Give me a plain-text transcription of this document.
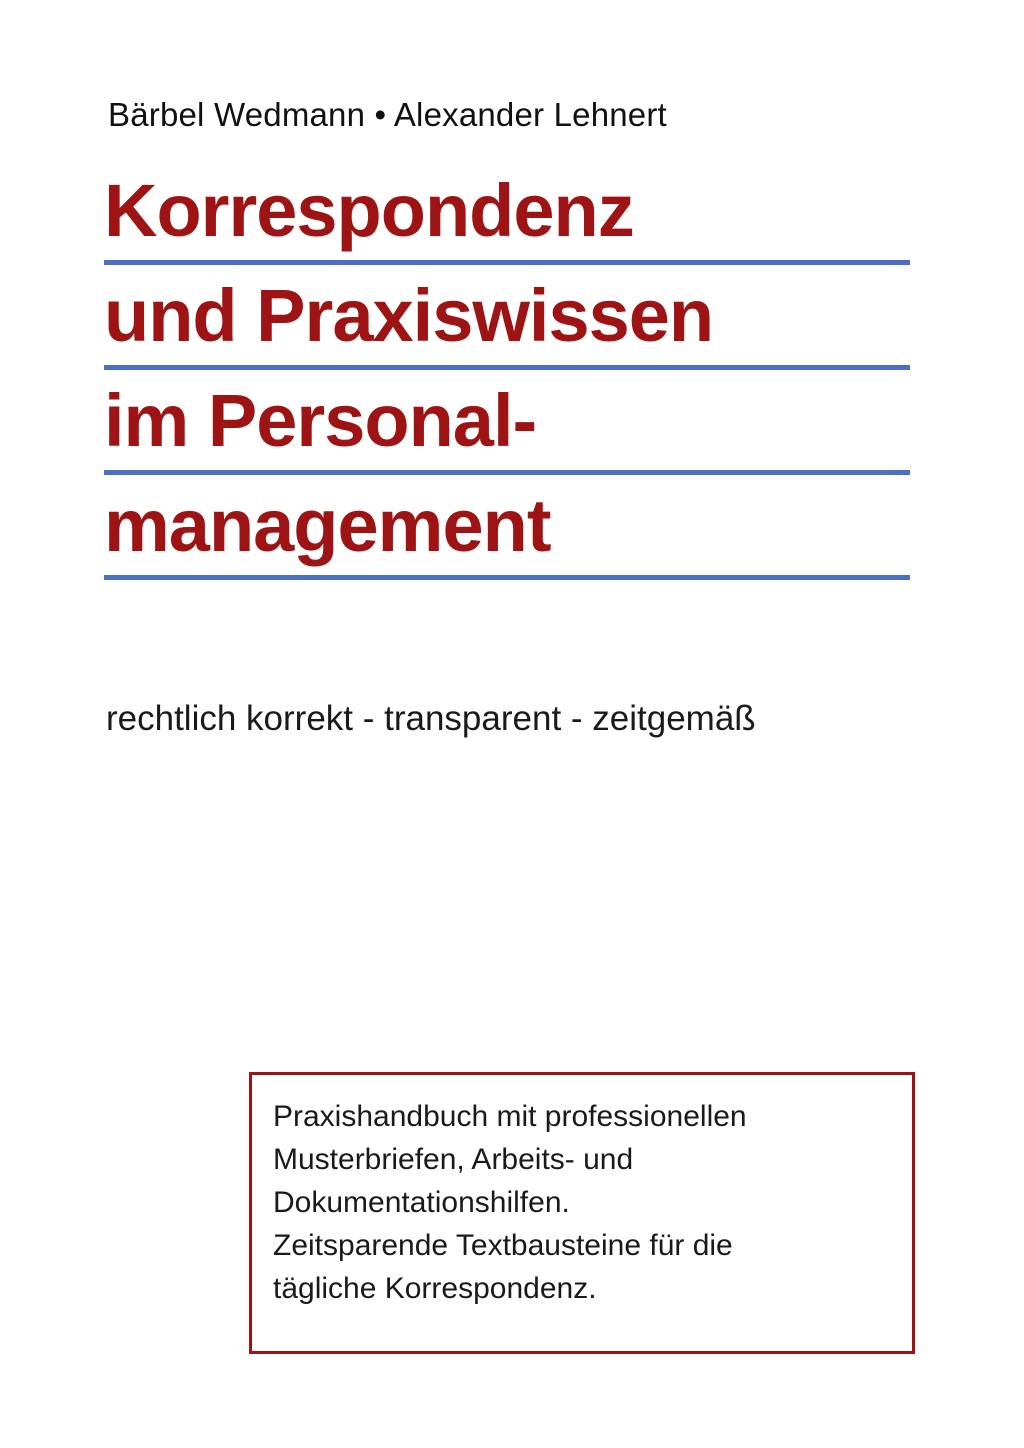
Bärbel Wedmann • Alexander Lehnert
Korrespondenz
und Praxiswissen
im Personal-
management
rechtlich korrekt - transparent - zeitgemäß

Praxishandbuch mit professionellen

Musterbriefen, Arbeits- und

Dokumentationshilfen.

Zeitsparende Textbausteine für die

tägliche Korrespondenz.
